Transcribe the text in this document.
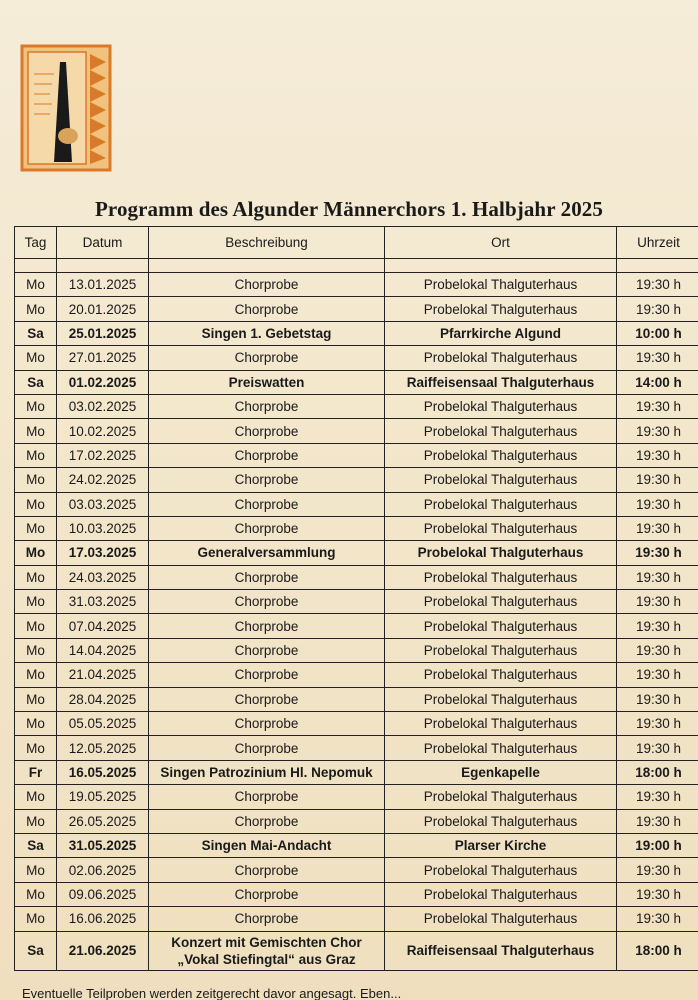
Programm des Algunder Männerchors 1. Halbjahr 2025
Tag	Datum	Beschreibung	Ort	Uhrzeit

Mo	13.01.2025	Chorprobe	Probelokal Thalguterhaus	19:30 h
Mo	20.01.2025	Chorprobe	Probelokal Thalguterhaus	19:30 h
Sa	25.01.2025	Singen 1. Gebetstag	Pfarrkirche Algund	10:00 h
Mo	27.01.2025	Chorprobe	Probelokal Thalguterhaus	19:30 h
Sa	01.02.2025	Preiswatten	Raiffeisensaal Thalguterhaus	14:00 h
Mo	03.02.2025	Chorprobe	Probelokal Thalguterhaus	19:30 h
Mo	10.02.2025	Chorprobe	Probelokal Thalguterhaus	19:30 h
Mo	17.02.2025	Chorprobe	Probelokal Thalguterhaus	19:30 h
Mo	24.02.2025	Chorprobe	Probelokal Thalguterhaus	19:30 h
Mo	03.03.2025	Chorprobe	Probelokal Thalguterhaus	19:30 h
Mo	10.03.2025	Chorprobe	Probelokal Thalguterhaus	19:30 h
Mo	17.03.2025	Generalversammlung	Probelokal Thalguterhaus	19:30 h
Mo	24.03.2025	Chorprobe	Probelokal Thalguterhaus	19:30 h
Mo	31.03.2025	Chorprobe	Probelokal Thalguterhaus	19:30 h
Mo	07.04.2025	Chorprobe	Probelokal Thalguterhaus	19:30 h
Mo	14.04.2025	Chorprobe	Probelokal Thalguterhaus	19:30 h
Mo	21.04.2025	Chorprobe	Probelokal Thalguterhaus	19:30 h
Mo	28.04.2025	Chorprobe	Probelokal Thalguterhaus	19:30 h
Mo	05.05.2025	Chorprobe	Probelokal Thalguterhaus	19:30 h
Mo	12.05.2025	Chorprobe	Probelokal Thalguterhaus	19:30 h
Fr	16.05.2025	Singen Patrozinium Hl. Nepomuk	Egenkapelle	18:00 h
Mo	19.05.2025	Chorprobe	Probelokal Thalguterhaus	19:30 h
Mo	26.05.2025	Chorprobe	Probelokal Thalguterhaus	19:30 h
Sa	31.05.2025	Singen Mai-Andacht	Plarser Kirche	19:00 h
Mo	02.06.2025	Chorprobe	Probelokal Thalguterhaus	19:30 h
Mo	09.06.2025	Chorprobe	Probelokal Thalguterhaus	19:30 h
Mo	16.06.2025	Chorprobe	Probelokal Thalguterhaus	19:30 h
Sa	21.06.2025	Konzert mit Gemischten Chor
„Vokal Stiefingtal“ aus Graz	Raiffeisensaal Thalguterhaus	18:00 h
Eventuelle Teilproben werden zeitgerecht davor angesagt. Eben...
